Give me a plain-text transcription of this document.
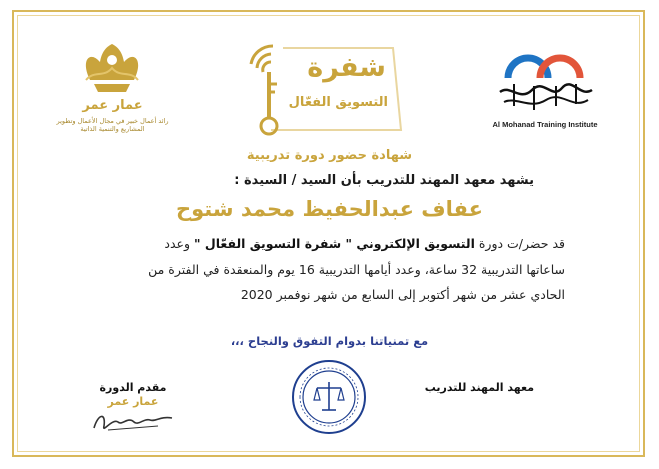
Al Mohanad Training Institute
شفرة
التسويق الفعّال
عمار عمر
رائد أعمال خبير في مجال الأعمال وتطوير المشاريع والتنمية الذاتية
شهادة حضور دورة تدريبية
يشهد معهد المهند للتدريب بأن السيد / السيدة :
عفاف عبدالحفيظ محمد شتوح
قد حضر/ت دورة التسويق الإلكتروني " شفرة التسويق الفعّال " وعدد
ساعاتها التدريبية 32 ساعة، وعدد أيامها التدريبية 16 يوم والمنعقدة في الفترة من
الحادي عشر من شهر أكتوبر إلى السابع من شهر نوفمبر 2020
مع تمنياتنا بدوام التفوق والنجاح ،،،
معهد المهند للتدريب
مقدم الدورة
عمار عمر
